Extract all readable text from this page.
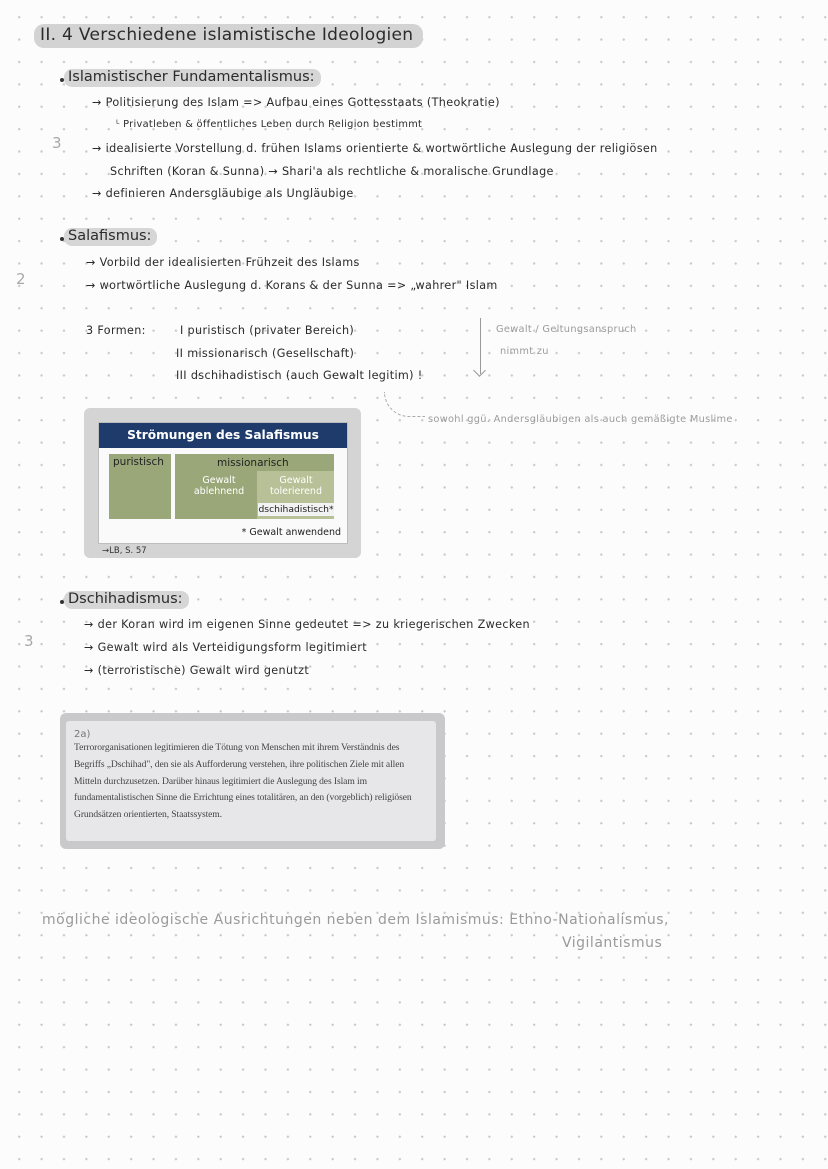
II. 4 Verschiedene islamistische Ideologien
3
2
3
Islamistischer Fundamentalismus:
→ Politisierung des Islam => Aufbau eines Gottesstaats (Theokratie)
ᴸ Privatleben & öffentliches Leben durch Religion bestimmt
→ idealisierte Vorstellung d. frühen Islams orientierte & wortwörtliche Auslegung der religiösen
Schriften (Koran & Sunna) → Shari'a als rechtliche & moralische Grundlage
→ definieren Andersgläubige als Ungläubige
Salafismus:
→ Vorbild der idealisierten Frühzeit des Islams
→ wortwörtliche Auslegung d. Korans & der Sunna => „wahrer" Islam
3 Formen:	I puristisch (privater Bereich)
II missionarisch (Gesellschaft)
III dschihadistisch (auch Gewalt legitim) !
Gewalt / Geltungsanspruch
nimmt zu
sowohl ggü. Andersgläubigen als auch gemäßigte Muslime
Strömungen des Salafismus
puristisch	missionarisch
Gewalt
ablehnend
Gewalt
tolerierend
dschihadistisch*
* Gewalt anwendend
→LB, S. 57
Dschihadismus:
→ der Koran wird im eigenen Sinne gedeutet => zu kriegerischen Zwecken
→ Gewalt wird als Verteidigungsform legitimiert
→ (terroristische) Gewalt wird genutzt
2a)
Terrororganisationen legitimieren die Tötung von Menschen mit ihrem Verständnis des Begriffs „Dschihad", den sie als Aufforderung verstehen, ihre politischen Ziele mit allen Mitteln durchzusetzen. Darüber hinaus legitimiert die Auslegung des Islam im fundamentalistischen Sinne die Errichtung eines totalitären, an den (vorgeblich) religiösen Grundsätzen orientierten, Staatssystem.
mögliche ideologische Ausrichtungen neben dem Islamismus: Ethno-Nationalismus,
Vigilantismus
